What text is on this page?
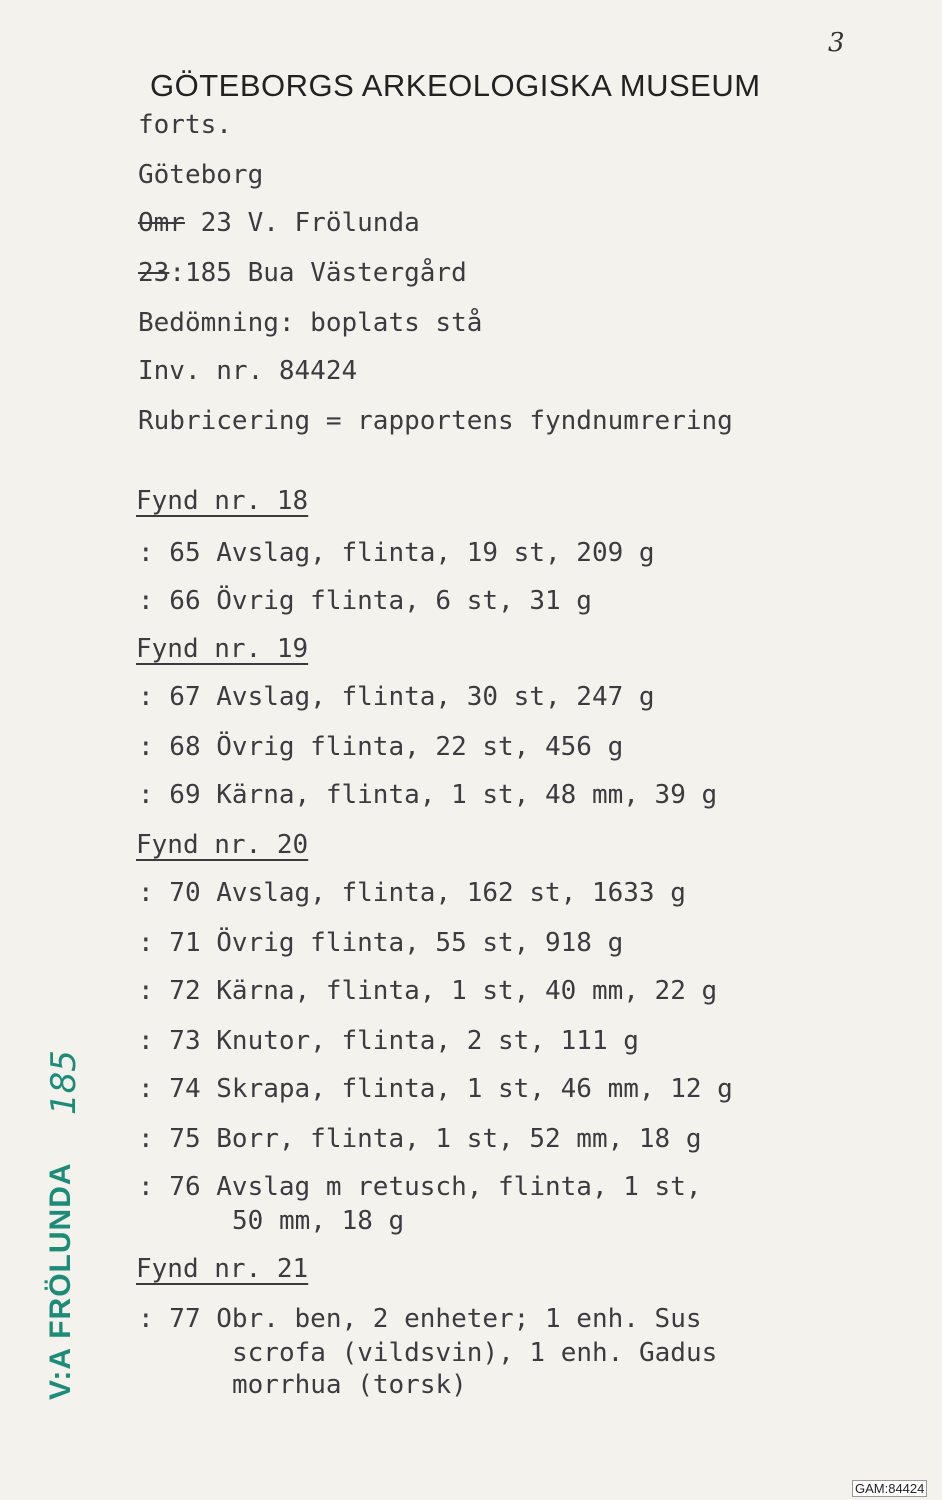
3
GÖTEBORGS ARKEOLOGISKA MUSEUM
forts.
Göteborg
Omr 23 V. Frölunda
23:185 Bua Västergård
Bedömning: boplats stå
Inv. nr. 84424
Rubricering = rapportens fyndnumrering
Fynd nr. 18
: 65 Avslag, flinta, 19 st, 209 g
: 66 Övrig flinta, 6 st, 31 g
Fynd nr. 19
: 67 Avslag, flinta, 30 st, 247 g
: 68 Övrig flinta, 22 st, 456 g
: 69 Kärna, flinta, 1 st, 48 mm, 39 g
Fynd nr. 20
: 70 Avslag, flinta, 162 st, 1633 g
: 71 Övrig flinta, 55 st, 918 g
: 72 Kärna, flinta, 1 st, 40 mm, 22 g
: 73 Knutor, flinta, 2 st, 111 g
: 74 Skrapa, flinta, 1 st, 46 mm, 12 g
: 75 Borr, flinta, 1 st, 52 mm, 18 g
: 76 Avslag m retusch, flinta, 1 st,
50 mm, 18 g
Fynd nr. 21
: 77 Obr. ben, 2 enheter; 1 enh. Sus
scrofa (vildsvin), 1 enh. Gadus
morrhua (torsk)
V:A FRÖLUNDA
185
GAM:84424
